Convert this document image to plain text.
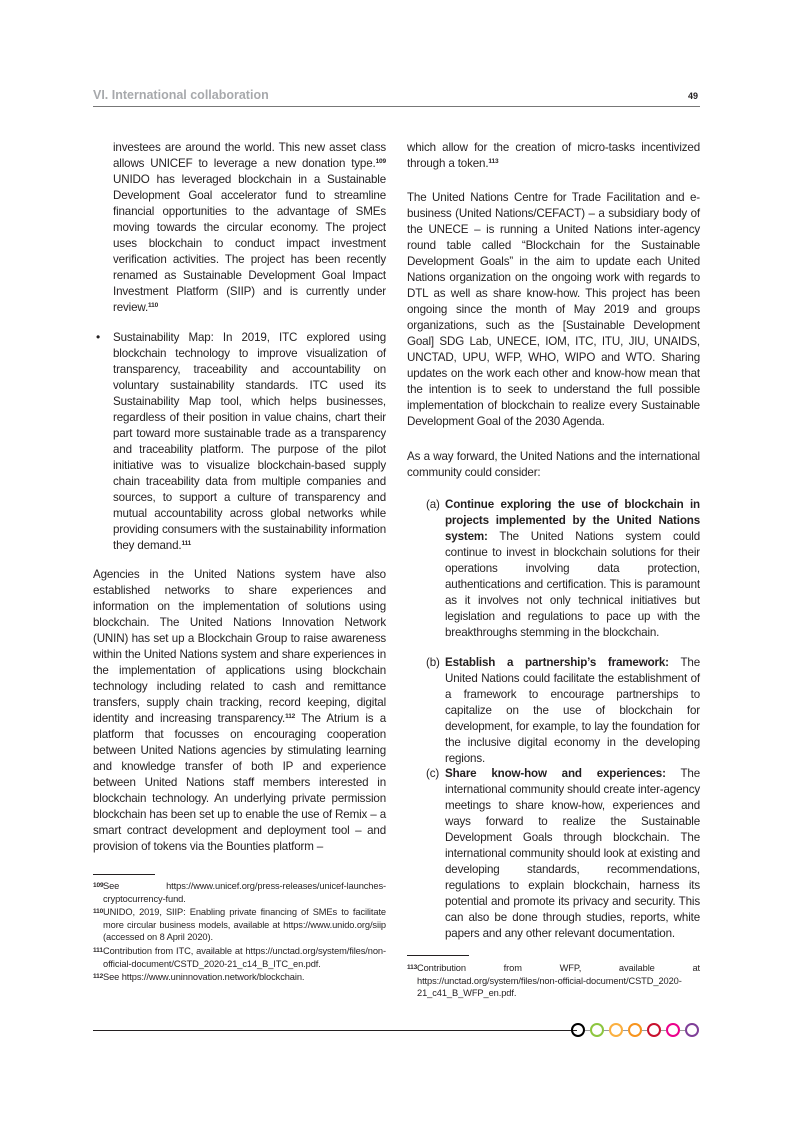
VI. International collaboration	49

investees are around the world. This new asset class allows UNICEF to leverage a new donation type.$^{109}$ UNIDO has leveraged blockchain in a Sustainable Development Goal accelerator fund to streamline financial opportunities to the advantage of SMEs moving towards the circular economy. The project uses blockchain to conduct impact investment verification activities. The project has been recently renamed as Sustainable Development Goal Impact Investment Platform (SIIP) and is currently under review.$^{110}$

• Sustainability Map: In 2019, ITC explored using blockchain technology to improve visualization of transparency, traceability and accountability on voluntary sustainability standards. ITC used its Sustainability Map tool, which helps businesses, regardless of their position in value chains, chart their part toward more sustainable trade as a transparency and traceability platform. The purpose of the pilot initiative was to visualize blockchain-based supply chain traceability data from multiple companies and sources, to support a culture of transparency and mutual accountability across global networks while providing consumers with the sustainability information they demand.$^{111}$

Agencies in the United Nations system have also established networks to share experiences and information on the implementation of solutions using blockchain. The United Nations Innovation Network (UNIN) has set up a Blockchain Group to raise awareness within the United Nations system and share experiences in the implementation of applications using blockchain technology including related to cash and remittance transfers, supply chain tracking, record keeping, digital identity and increasing transparency.$^{112}$ The Atrium is a platform that focusses on encouraging cooperation between United Nations agencies by stimulating learning and knowledge transfer of both IP and experience between United Nations staff members interested in blockchain technology. An underlying private permission blockchain has been set up to enable the use of Remix – a smart contract development and deployment tool – and provision of tokens via the Bounties platform –

109 See https://www.unicef.org/press-releases/unicef-launches-cryptocurrency-fund.
110 UNIDO, 2019, SIIP: Enabling private financing of SMEs to facilitate more circular business models, available at https://www.unido.org/siip (accessed on 8 April 2020).
111 Contribution from ITC, available at https://unctad.org/system/files/non-official-document/CSTD_2020-21_c14_B_ITC_en.pdf.
112 See https://www.uninnovation.network/blockchain.

which allow for the creation of micro-tasks incentivized through a token.$^{113}$

The United Nations Centre for Trade Facilitation and e-business (United Nations/CEFACT) – a subsidiary body of the UNECE – is running a United Nations inter-agency round table called “Blockchain for the Sustainable Development Goals” in the aim to update each United Nations organization on the ongoing work with regards to DTL as well as share know-how. This project has been ongoing since the month of May 2019 and groups organizations, such as the [Sustainable Development Goal] SDG Lab, UNECE, IOM, ITC, ITU, JIU, UNAIDS, UNCTAD, UPU, WFP, WHO, WIPO and WTO. Sharing updates on the work each other and know-how mean that the intention is to seek to understand the full possible implementation of blockchain to realize every Sustainable Development Goal of the 2030 Agenda.

As a way forward, the United Nations and the international community could consider:

(a) Continue exploring the use of blockchain in projects implemented by the United Nations system: The United Nations system could continue to invest in blockchain solutions for their operations involving data protection, authentications and certification. This is paramount as it involves not only technical initiatives but legislation and regulations to pace up with the breakthroughs stemming in the blockchain.
(b) Establish a partnership’s framework: The United Nations could facilitate the establishment of a framework to encourage partnerships to capitalize on the use of blockchain for development, for example, to lay the foundation for the inclusive digital economy in the developing regions.
(c) Share know-how and experiences: The international community should create inter-agency meetings to share know-how, experiences and ways forward to realize the Sustainable Development Goals through blockchain. The international community should look at existing and developing standards, recommendations, regulations to explain blockchain, harness its potential and promote its privacy and security. This can also be done through studies, reports, white papers and any other relevant documentation.
113 Contribution from WFP, available at https://unctad.org/system/files/non-official-document/CSTD_2020-21_c41_B_WFP_en.pdf.
